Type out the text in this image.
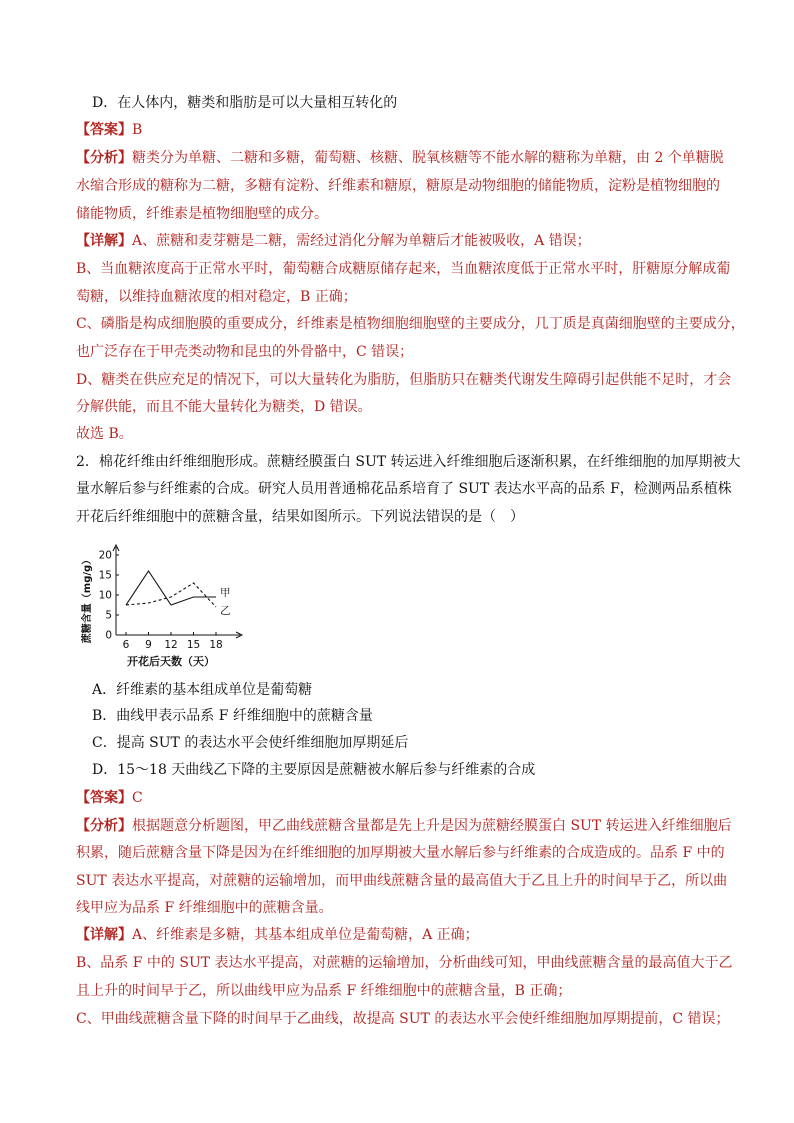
D．在人体内，糖类和脂肪是可以大量相互转化的
【答案】B
【分析】糖类分为单糖、二糖和多糖，葡萄糖、核糖、脱氧核糖等不能水解的糖称为单糖，由 2 个单糖脱
水缩合形成的糖称为二糖，多糖有淀粉、纤维素和糖原，糖原是动物细胞的储能物质，淀粉是植物细胞的
储能物质，纤维素是植物细胞壁的成分。
【详解】A、蔗糖和麦芽糖是二糖，需经过消化分解为单糖后才能被吸收，A 错误；
B、当血糖浓度高于正常水平时，葡萄糖合成糖原储存起来，当血糖浓度低于正常水平时，肝糖原分解成葡
萄糖，以维持血糖浓度的相对稳定，B 正确；
C、磷脂是构成细胞膜的重要成分，纤维素是植物细胞细胞壁的主要成分，几丁质是真菌细胞壁的主要成分，
也广泛存在于甲壳类动物和昆虫的外骨骼中，C 错误；
D、糖类在供应充足的情况下，可以大量转化为脂肪，但脂肪只在糖类代谢发生障碍引起供能不足时，才会
分解供能，而且不能大量转化为糖类，D 错误。
故选 B。
2．棉花纤维由纤维细胞形成。蔗糖经膜蛋白 SUT 转运进入纤维细胞后逐渐积累，在纤维细胞的加厚期被大
量水解后参与纤维素的合成。研究人员用普通棉花品系培育了 SUT 表达水平高的品系 F，检测两品系植株
开花后纤维细胞中的蔗糖含量，结果如图所示。下列说法错误的是（　）
0
5
10
15
20
6 9 12 15 18
蔗糖含量（mg/g）
开花后天数（天）
甲
乙
A．纤维素的基本组成单位是葡萄糖
B．曲线甲表示品系 F 纤维细胞中的蔗糖含量
C．提高 SUT 的表达水平会使纤维细胞加厚期延后
D．15～18 天曲线乙下降的主要原因是蔗糖被水解后参与纤维素的合成
【答案】C
【分析】根据题意分析题图，甲乙曲线蔗糖含量都是先上升是因为蔗糖经膜蛋白 SUT 转运进入纤维细胞后
积累，随后蔗糖含量下降是因为在纤维细胞的加厚期被大量水解后参与纤维素的合成造成的。品系 F 中的
SUT 表达水平提高，对蔗糖的运输增加，而甲曲线蔗糖含量的最高值大于乙且上升的时间早于乙，所以曲
线甲应为品系 F 纤维细胞中的蔗糖含量。
【详解】A、纤维素是多糖，其基本组成单位是葡萄糖，A 正确；
B、品系 F 中的 SUT 表达水平提高，对蔗糖的运输增加，分析曲线可知，甲曲线蔗糖含量的最高值大于乙
且上升的时间早于乙，所以曲线甲应为品系 F 纤维细胞中的蔗糖含量，B 正确；
C、甲曲线蔗糖含量下降的时间早于乙曲线，故提高 SUT 的表达水平会使纤维细胞加厚期提前，C 错误；
